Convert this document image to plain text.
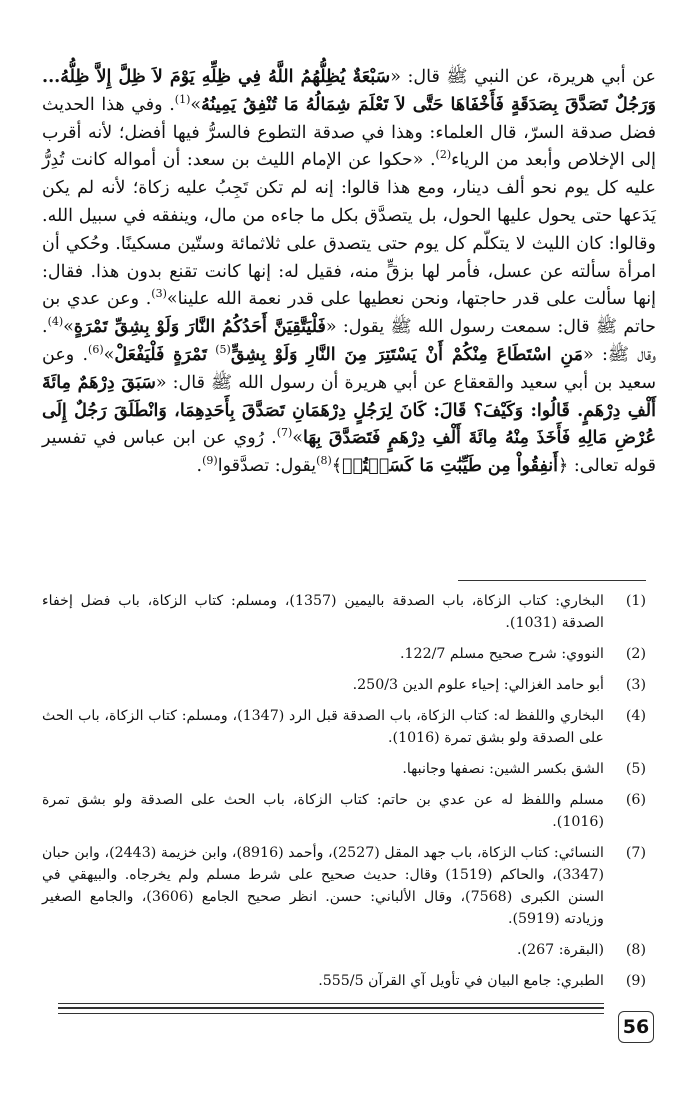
عن أبي هريرة، عن النبي ﷺ قال: «سَبْعَةٌ يُظِلُّهُمُ اللَّهُ فِي ظِلِّهِ يَوْمَ لاَ ظِلَّ إِلاَّ ظِلُّهُ... وَرَجُلٌ تَصَدَّقَ بِصَدَقَةٍ فَأَخْفَاهَا حَتَّى لاَ تَعْلَمَ شِمَالُهُ مَا تُنْفِقُ يَمِينُهُ»$^{(1)}$. وفي هذا الحديث فضل صدقة السرّ، قال العلماء: وهذا في صدقة التطوع فالسرُّ فيها أفضل؛ لأنه أقرب إلى الإخلاص وأبعد من الرياء$^{(2)}$. «حكوا عن الإمام الليث بن سعد: أن أمواله كانت تُدِرُّ عليه كل يوم نحو ألف دينار، ومع هذا قالوا: إنه لم تكن تَجِبُ عليه زكاة؛ لأنه لم يكن يَدَعها حتى يحول عليها الحول، بل يتصدَّق بكل ما جاءه من مال، وينفقه في سبيل الله. وقالوا: كان الليث لا يتكلّم كل يوم حتى يتصدق على ثلاثمائة وستّين مسكينًا. وحُكي أن امرأة سألته عن عسل، فأمر لها بزقٍّ منه، فقيل له: إنها كانت تقنع بدون هذا. فقال: إنها سألت على قدر حاجتها، ونحن نعطيها على قدر نعمة الله علينا»$^{(3)}$. وعن عدي بن حاتم ﷺ قال: سمعت رسول الله ﷺ يقول: «فَلْيَتَّقِيَنَّ أَحَدُكُمُ النَّارَ وَلَوْ بِشِقِّ تَمْرَةٍ»$^{(4)}$. وقال ﷺ: «مَنِ اسْتَطَاعَ مِنْكُمْ أَنْ يَسْتَتِرَ مِنَ النَّارِ وَلَوْ بِشِقٍّ$^{(5)}$ تَمْرَةٍ فَلْيَفْعَلْ»$^{(6)}$. وعن سعيد بن أبي سعيد والقعقاع عن أبي هريرة أن رسول الله ﷺ قال: «سَبَقَ دِرْهَمٌ مِائَةَ أَلْفِ دِرْهَمٍ. قَالُوا: وَكَيْفَ؟ قَالَ: كَانَ لِرَجُلٍ دِرْهَمَانِ تَصَدَّقَ بِأَحَدِهِمَا، وَانْطَلَقَ رَجُلٌ إِلَى عُرْضِ مَالِهِ فَأَخَذَ مِنْهُ مِائَةَ أَلْفِ دِرْهَمٍ فَتَصَدَّقَ بِهَا»$^{(7)}$. رُوي عن ابن عباس في تفسير قوله تعالى: ﴿أَنفِقُواْ مِن طَيِّبَٰتِ مَا كَسَبۡتُمۡ﴾$^{(8)}$يقول: تصدَّقوا$^{(9)}$.

(1)
البخاري: كتاب الزكاة، باب الصدقة باليمين (1357)، ومسلم: كتاب الزكاة، باب فضل إخفاء الصدقة (1031).
(2)
النووي: شرح صحيح مسلم 122/7.
(3)
أبو حامد الغزالي: إحياء علوم الدين 250/3.
(4)
البخاري واللفظ له: كتاب الزكاة، باب الصدقة قبل الرد (1347)، ومسلم: كتاب الزكاة، باب الحث على الصدقة ولو بشق تمرة (1016).
(5)
الشق بكسر الشين: نصفها وجانبها.
(6)
مسلم واللفظ له عن عدي بن حاتم: كتاب الزكاة، باب الحث على الصدقة ولو بشق تمرة (1016).
(7)
النسائي: كتاب الزكاة، باب جهد المقل (2527)، وأحمد (8916)، وابن خزيمة (2443)، وابن حبان (3347)، والحاكم (1519) وقال: حديث صحيح على شرط مسلم ولم يخرجاه. والبيهقي في السنن الكبرى (7568)، وقال الألباني: حسن. انظر صحيح الجامع (3606)، والجامع الصغير وزيادته (5919).
(8)
(البقرة: 267).
(9)
الطبري: جامع البيان في تأويل آي القرآن 555/5.
56
